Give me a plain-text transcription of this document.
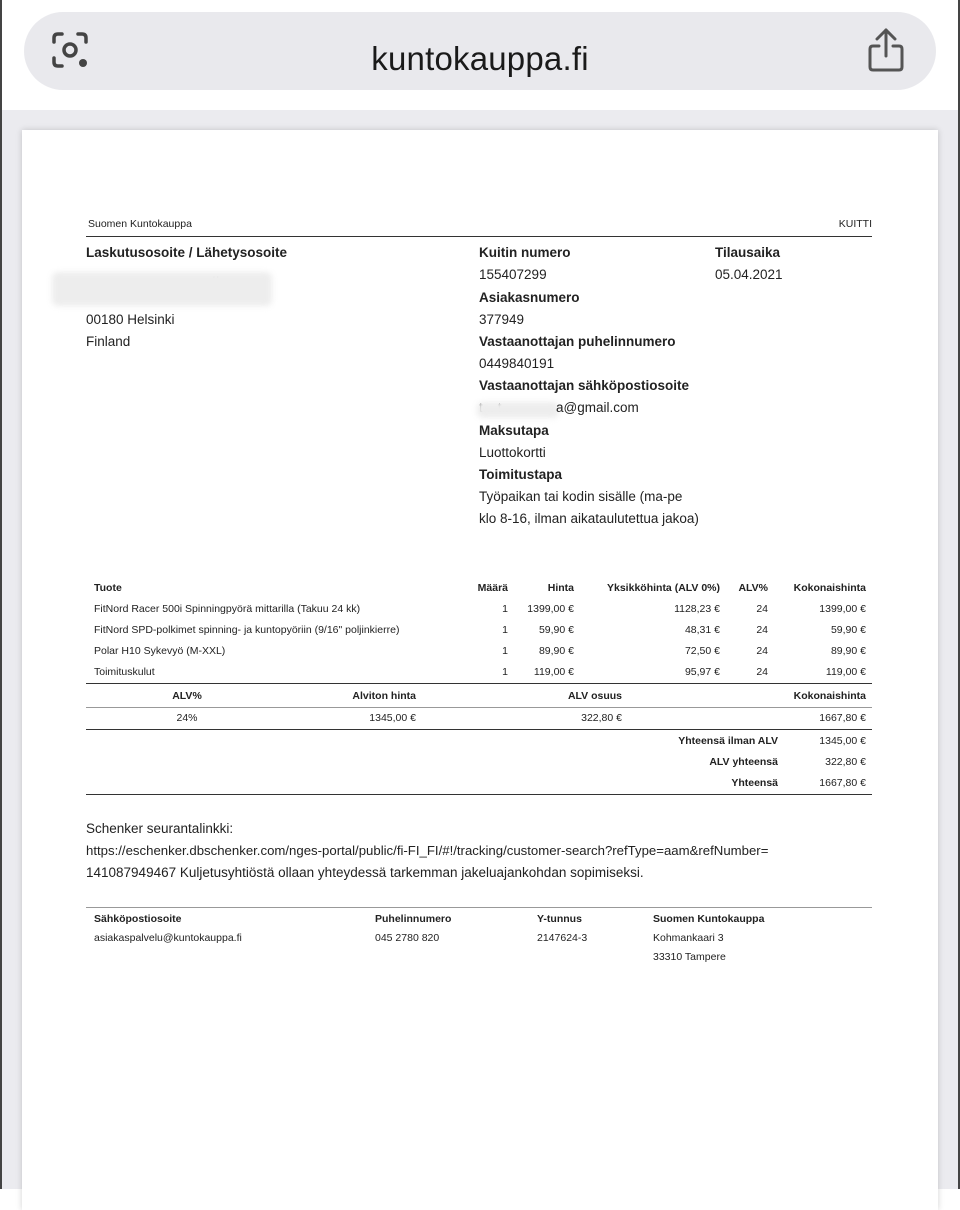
kuntokauppa.fi
Suomen Kuntokauppa	KUITTI
Laskutusosoite / Lähetysosoite
00180 Helsinki
Finland
Kuitin numero
155407299
Tilausaika
05.04.2021
Asiakasnumero
377949
Vastaanottajan puhelinnumero
0449840191
Vastaanottajan sähköpostiosoite
a@gmail.com
Maksutapa
Luottokortti
Toimitustapa
Työpaikan tai kodin sisälle (ma-pe
klo 8-16, ilman aikataulutettua jakoa)
Tuote	Määrä	Hinta	Yksikköhinta (ALV 0%)	ALV%	Kokonaishinta
FitNord Racer 500i Spinningpyörä mittarilla (Takuu 24 kk)	1	1399,00 €	1128,23 €	24	1399,00 €
FitNord SPD-polkimet spinning- ja kuntopyöriin (9/16" poljinkierre)	1	59,90 €	48,31 €	24	59,90 €
Polar H10 Sykevyö (M-XXL)	1	89,90 €	72,50 €	24	89,90 €
Toimituskulut	1	119,00 €	95,97 €	24	119,00 €
ALV%	Alviton hinta	ALV osuus	Kokonaishinta
24%	1345,00 €	322,80 €	1667,80 €
Yhteensä ilman ALV	1345,00 €
ALV yhteensä	322,80 €
Yhteensä	1667,80 €
Schenker seurantalinkki:
https://eschenker.dbschenker.com/nges-portal/public/fi-FI_FI/#!/tracking/customer-search?refType=aam&refNumber=
141087949467 Kuljetusyhtiöstä ollaan yhteydessä tarkemman jakeluajankohdan sopimiseksi.
Sähköpostiosoite
asiakaspalvelu@kuntokauppa.fi
Puhelinnumero
045 2780 820
Y-tunnus
2147624-3
Suomen Kuntokauppa
Kohmankaari 3
33310 Tampere
